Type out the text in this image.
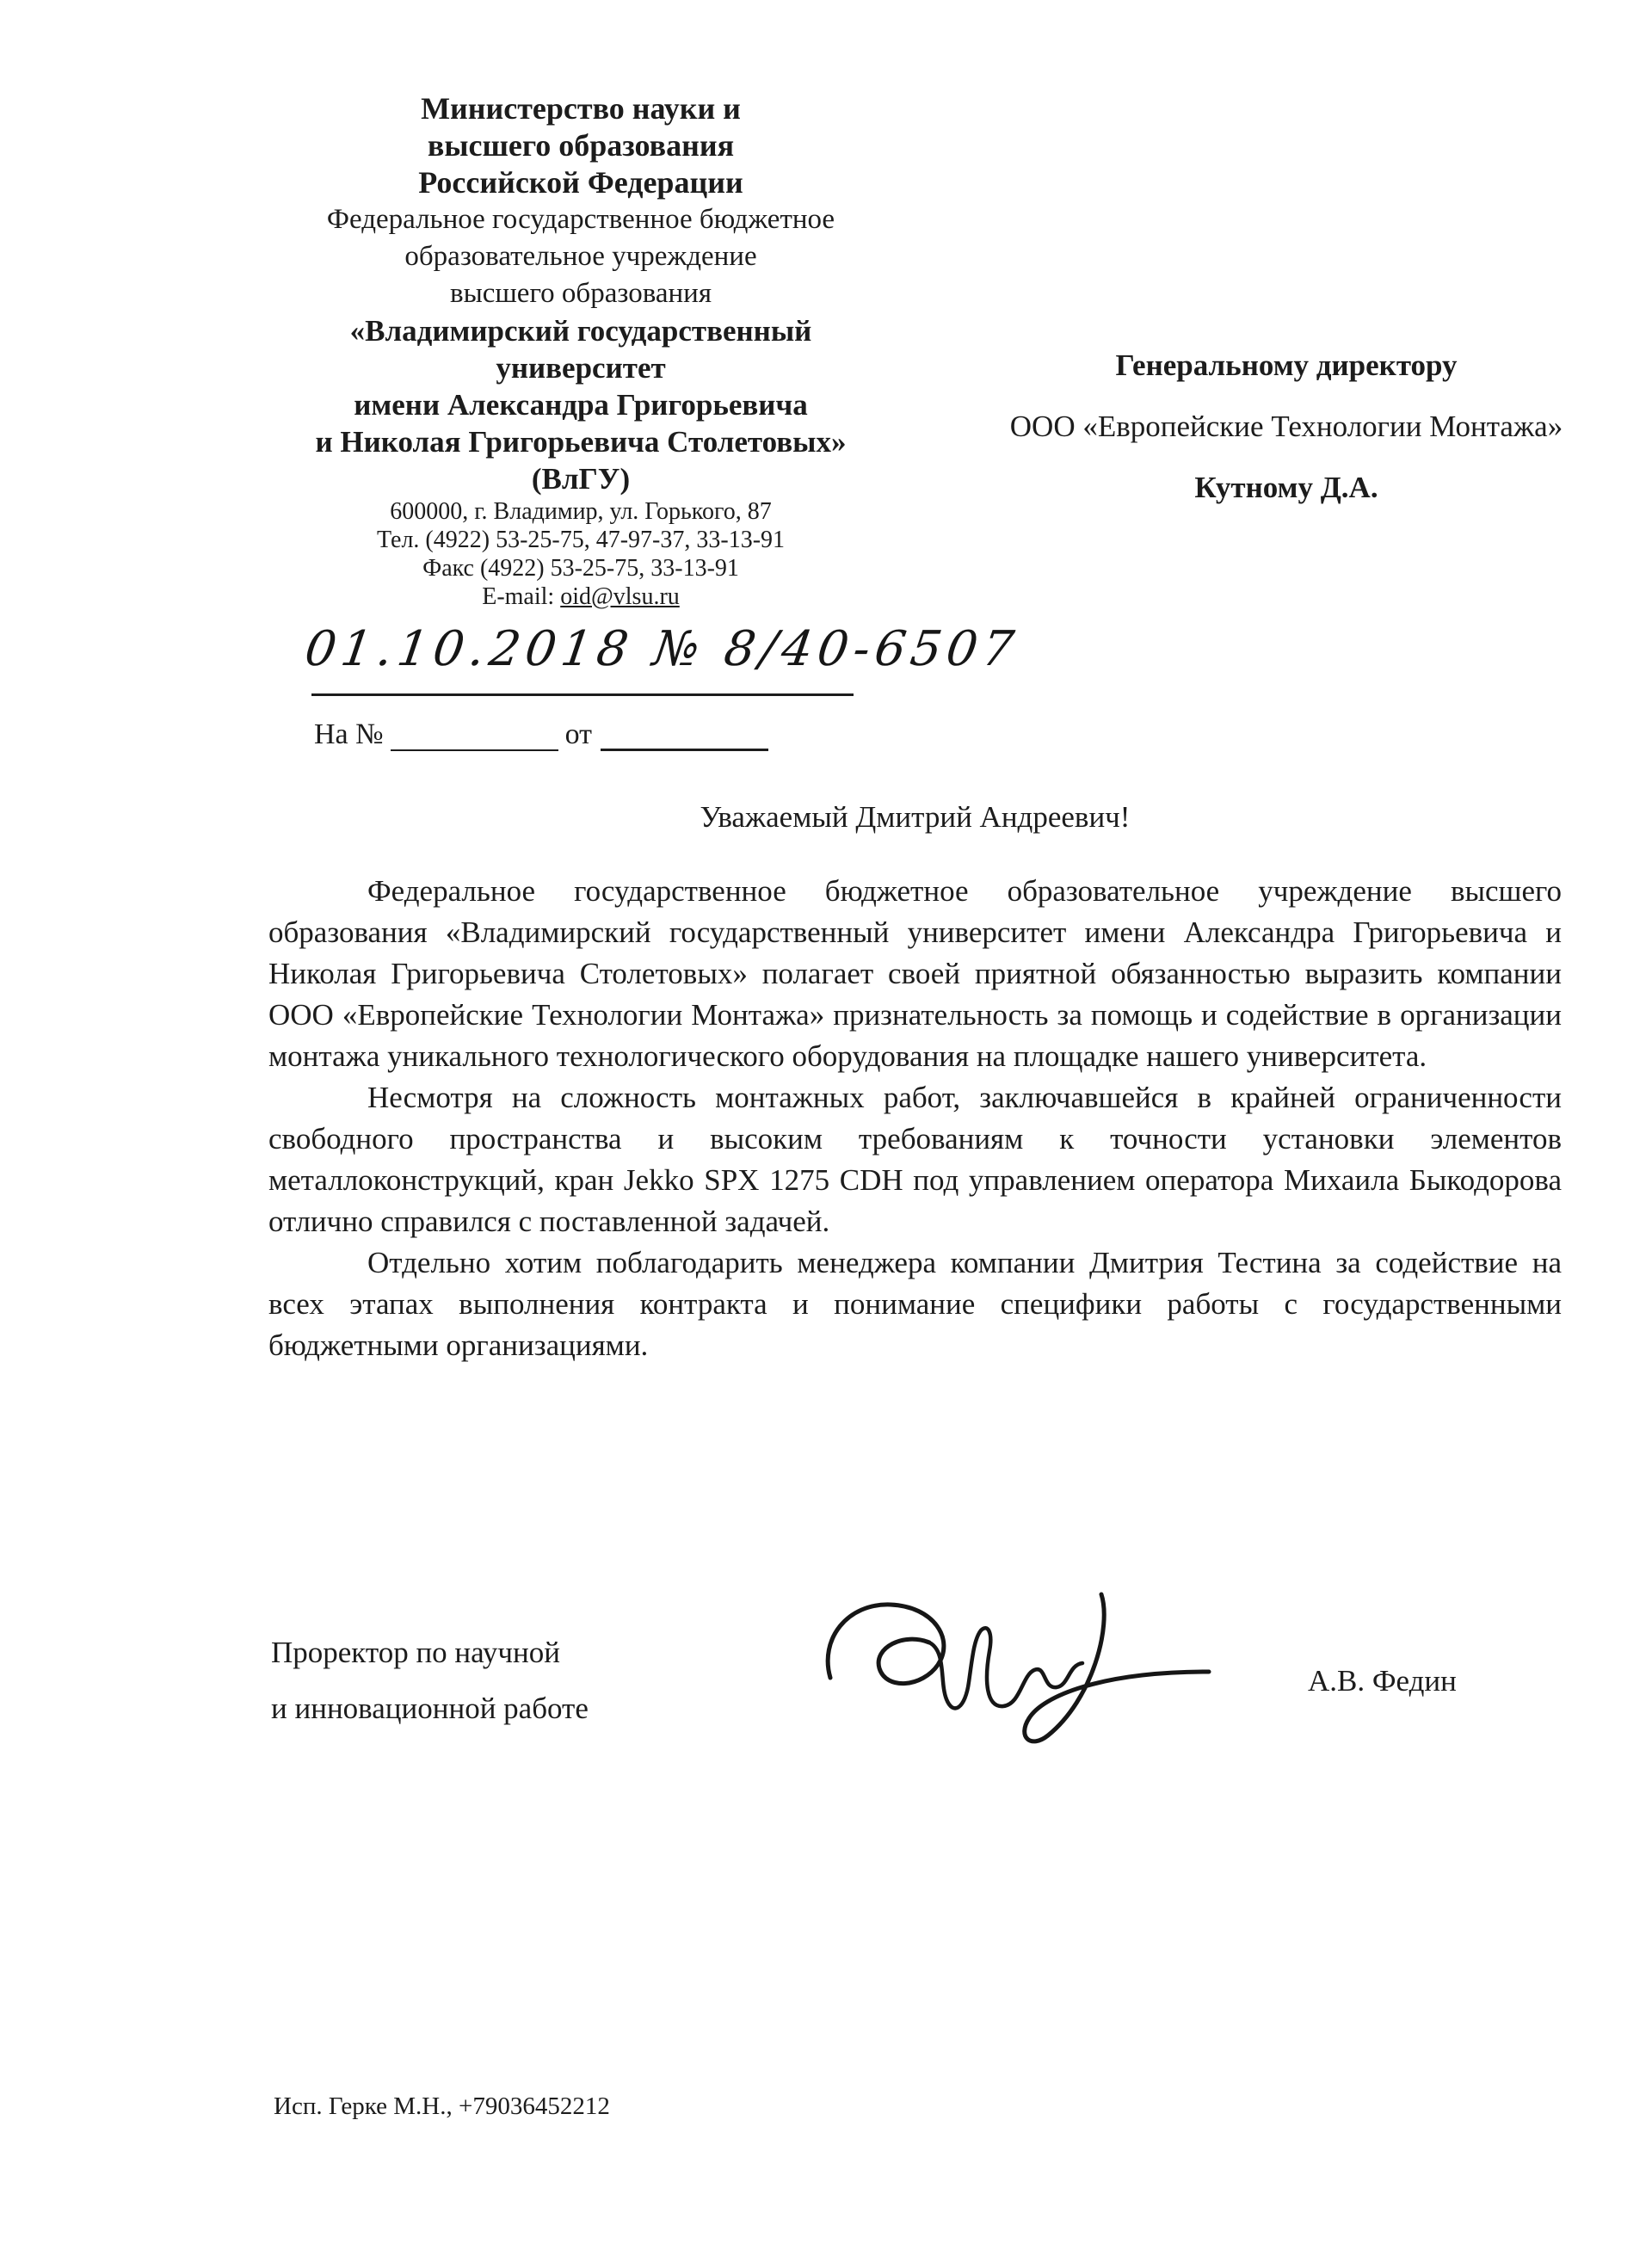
Министерство науки и
высшего образования
Российской Федерации
Федеральное государственное бюджетное
образовательное учреждение
высшего образования
«Владимирский государственный
университет
имени Александра Григорьевича
и Николая Григорьевича Столетовых»
(ВлГУ)
600000, г. Владимир, ул. Горького, 87
Тел. (4922) 53-25-75, 47-97-37, 33-13-91
Факс (4922) 53-25-75, 33-13-91
E-mail: oid@vlsu.ru
Генеральному директору
ООО «Европейские Технологии Монтажа»
Кутному Д.А.
01.10.2018 № 8/40-6507
На №	от
Уважаемый Дмитрий Андреевич!

Федеральное государственное бюджетное образовательное учреждение высшего образования «Владимирский государственный университет имени Александра Григорьевича и Николая Григорьевича Столетовых» полагает своей приятной обязанностью выразить компании ООО «Европейские Технологии Монтажа» признательность за помощь и содействие в организации монтажа уникального технологического оборудования на площадке нашего университета.

Несмотря на сложность монтажных работ, заключавшейся в крайней ограниченности свободного пространства и высоким требованиям к точности установки элементов металлоконструкций, кран Jekko SPX 1275 CDH под управлением оператора Михаила Быкодорова отлично справился с поставленной задачей.

Отдельно хотим поблагодарить менеджера компании Дмитрия Тестина за содействие на всех этапах выполнения контракта и понимание специфики работы с государственными бюджетными организациями.

Проректор по научной
и инновационной работе
А.В. Федин
Исп. Герке М.Н., +79036452212
